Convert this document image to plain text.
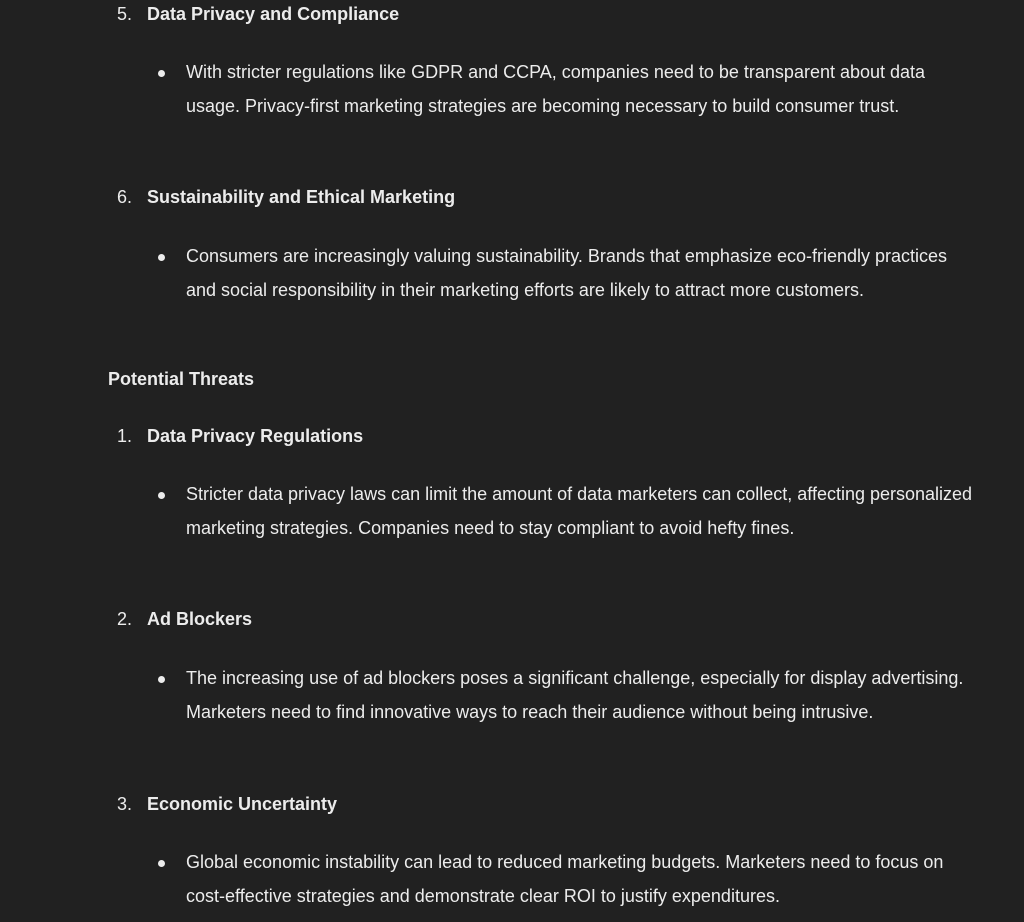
5. Data Privacy and Compliance
With stricter regulations like GDPR and CCPA, companies need to be transparent about data usage. Privacy-first marketing strategies are becoming necessary to build consumer trust.
6. Sustainability and Ethical Marketing
Consumers are increasingly valuing sustainability. Brands that emphasize eco-friendly practices and social responsibility in their marketing efforts are likely to attract more customers.
Potential Threats
1. Data Privacy Regulations
Stricter data privacy laws can limit the amount of data marketers can collect, affecting personalized marketing strategies. Companies need to stay compliant to avoid hefty fines.
2. Ad Blockers
The increasing use of ad blockers poses a significant challenge, especially for display advertising. Marketers need to find innovative ways to reach their audience without being intrusive.
3. Economic Uncertainty
Global economic instability can lead to reduced marketing budgets. Marketers need to focus on cost-effective strategies and demonstrate clear ROI to justify expenditures.
